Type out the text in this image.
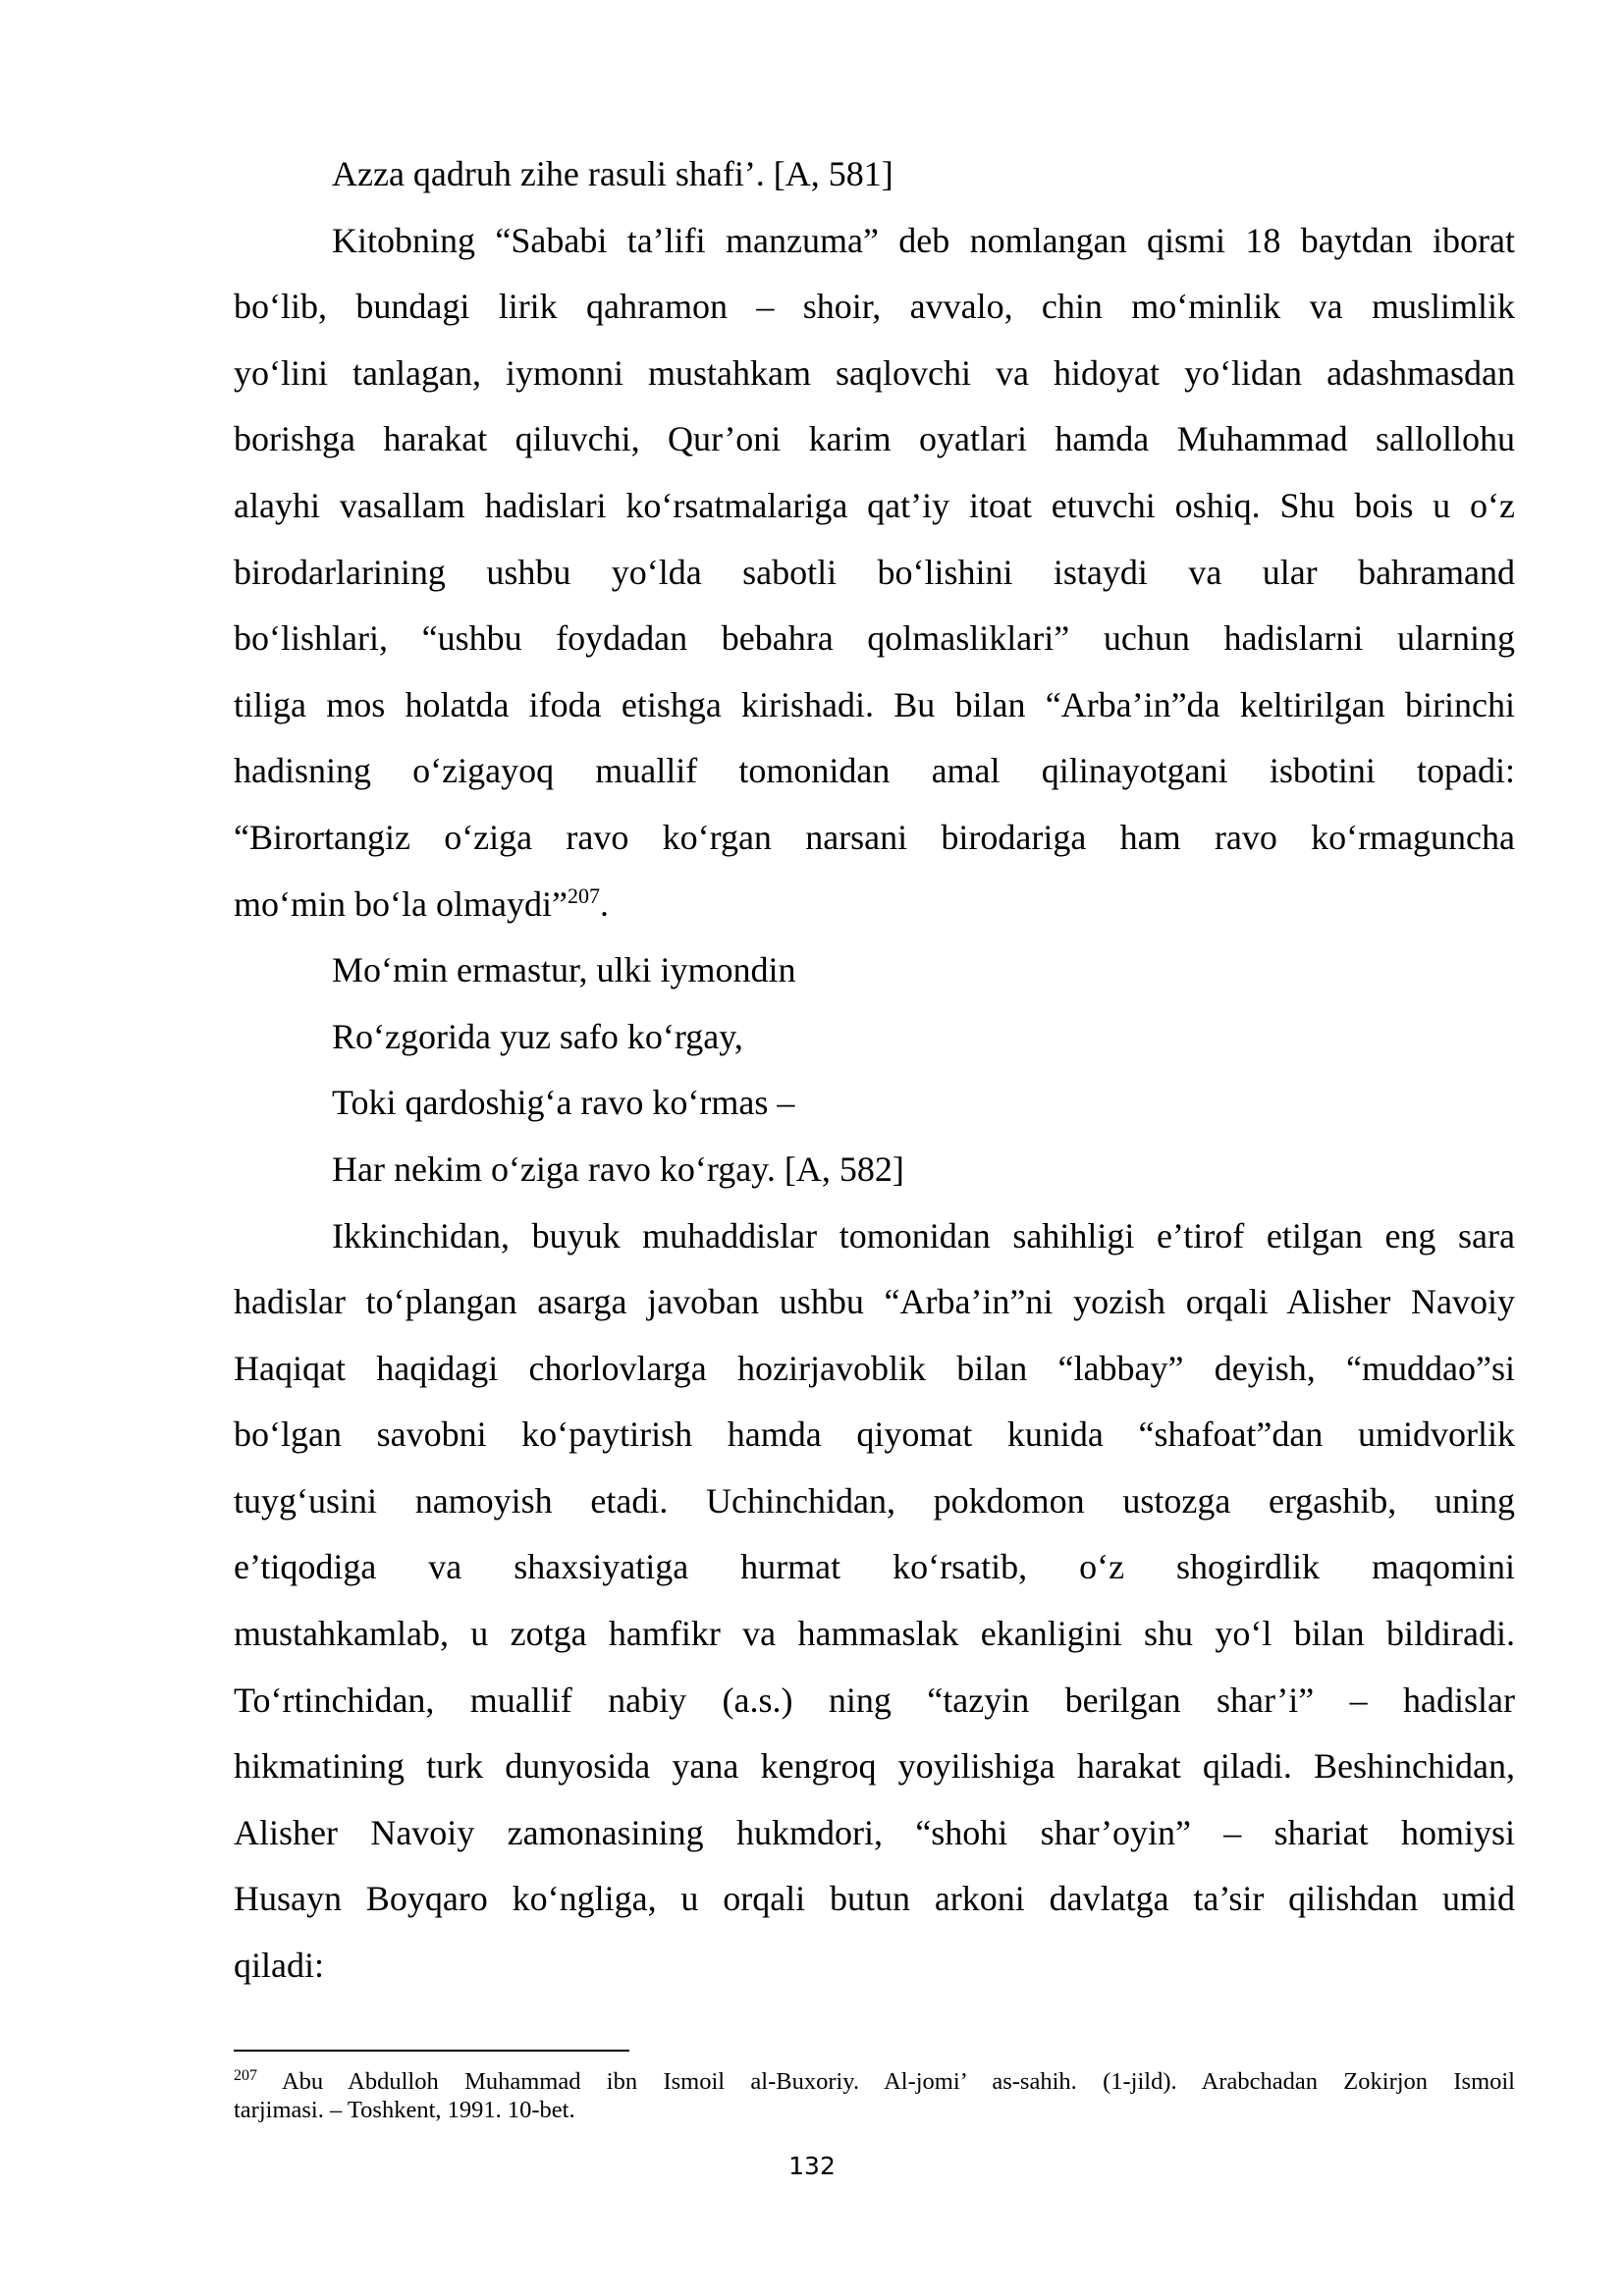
Azza qadruh zihe rasuli shafi’. [A, 581]
Kitobning “Sababi ta’lifi manzuma” deb nomlangan qismi 18 baytdan iborat
bo‘lib, bundagi lirik qahramon – shoir, avvalo, chin mo‘minlik va muslimlik
yo‘lini tanlagan, iymonni mustahkam saqlovchi va hidoyat yo‘lidan adashmasdan
borishga harakat qiluvchi, Qur’oni karim oyatlari hamda Muhammad sallollohu
alayhi vasallam hadislari ko‘rsatmalariga qat’iy itoat etuvchi oshiq. Shu bois u o‘z
birodarlarining ushbu yo‘lda sabotli bo‘lishini istaydi va ular bahramand
bo‘lishlari, “ushbu foydadan bebahra qolmasliklari” uchun hadislarni ularning
tiliga mos holatda ifoda etishga kirishadi. Bu bilan “Arba’in”da keltirilgan birinchi
hadisning o‘zigayoq muallif tomonidan amal qilinayotgani isbotini topadi:
“Birortangiz o‘ziga ravo ko‘rgan narsani birodariga ham ravo ko‘rmaguncha
mo‘min bo‘la olmaydi”$^{207}$.
Mo‘min ermastur, ulki iymondin
Ro‘zgorida yuz safo ko‘rgay,
Toki qardoshig‘a ravo ko‘rmas –
Har nekim o‘ziga ravo ko‘rgay. [A, 582]
Ikkinchidan, buyuk muhaddislar tomonidan sahihligi e’tirof etilgan eng sara
hadislar to‘plangan asarga javoban ushbu “Arba’in”ni yozish orqali Alisher Navoiy
Haqiqat haqidagi chorlovlarga hozirjavoblik bilan “labbay” deyish, “muddao”si
bo‘lgan savobni ko‘paytirish hamda qiyomat kunida “shafoat”dan umidvorlik
tuyg‘usini namoyish etadi. Uchinchidan, pokdomon ustozga ergashib, uning
e’tiqodiga va shaxsiyatiga hurmat ko‘rsatib, o‘z shogirdlik maqomini
mustahkamlab, u zotga hamfikr va hammaslak ekanligini shu yo‘l bilan bildiradi.
To‘rtinchidan, muallif nabiy (a.s.) ning “tazyin berilgan shar’i” – hadislar
hikmatining turk dunyosida yana kengroq yoyilishiga harakat qiladi. Beshinchidan,
Alisher Navoiy zamonasining hukmdori, “shohi shar’oyin” – shariat homiysi
Husayn Boyqaro ko‘ngliga, u orqali butun arkoni davlatga ta’sir qilishdan umid
qiladi:
$^{207}$ Abu Abdulloh Muhammad ibn Ismoil al-Buxoriy. Al-jomi’ as-sahih. (1-jild). Arabchadan Zokirjon Ismoil
tarjimasi. – Toshkent, 1991. 10-bet.
132
